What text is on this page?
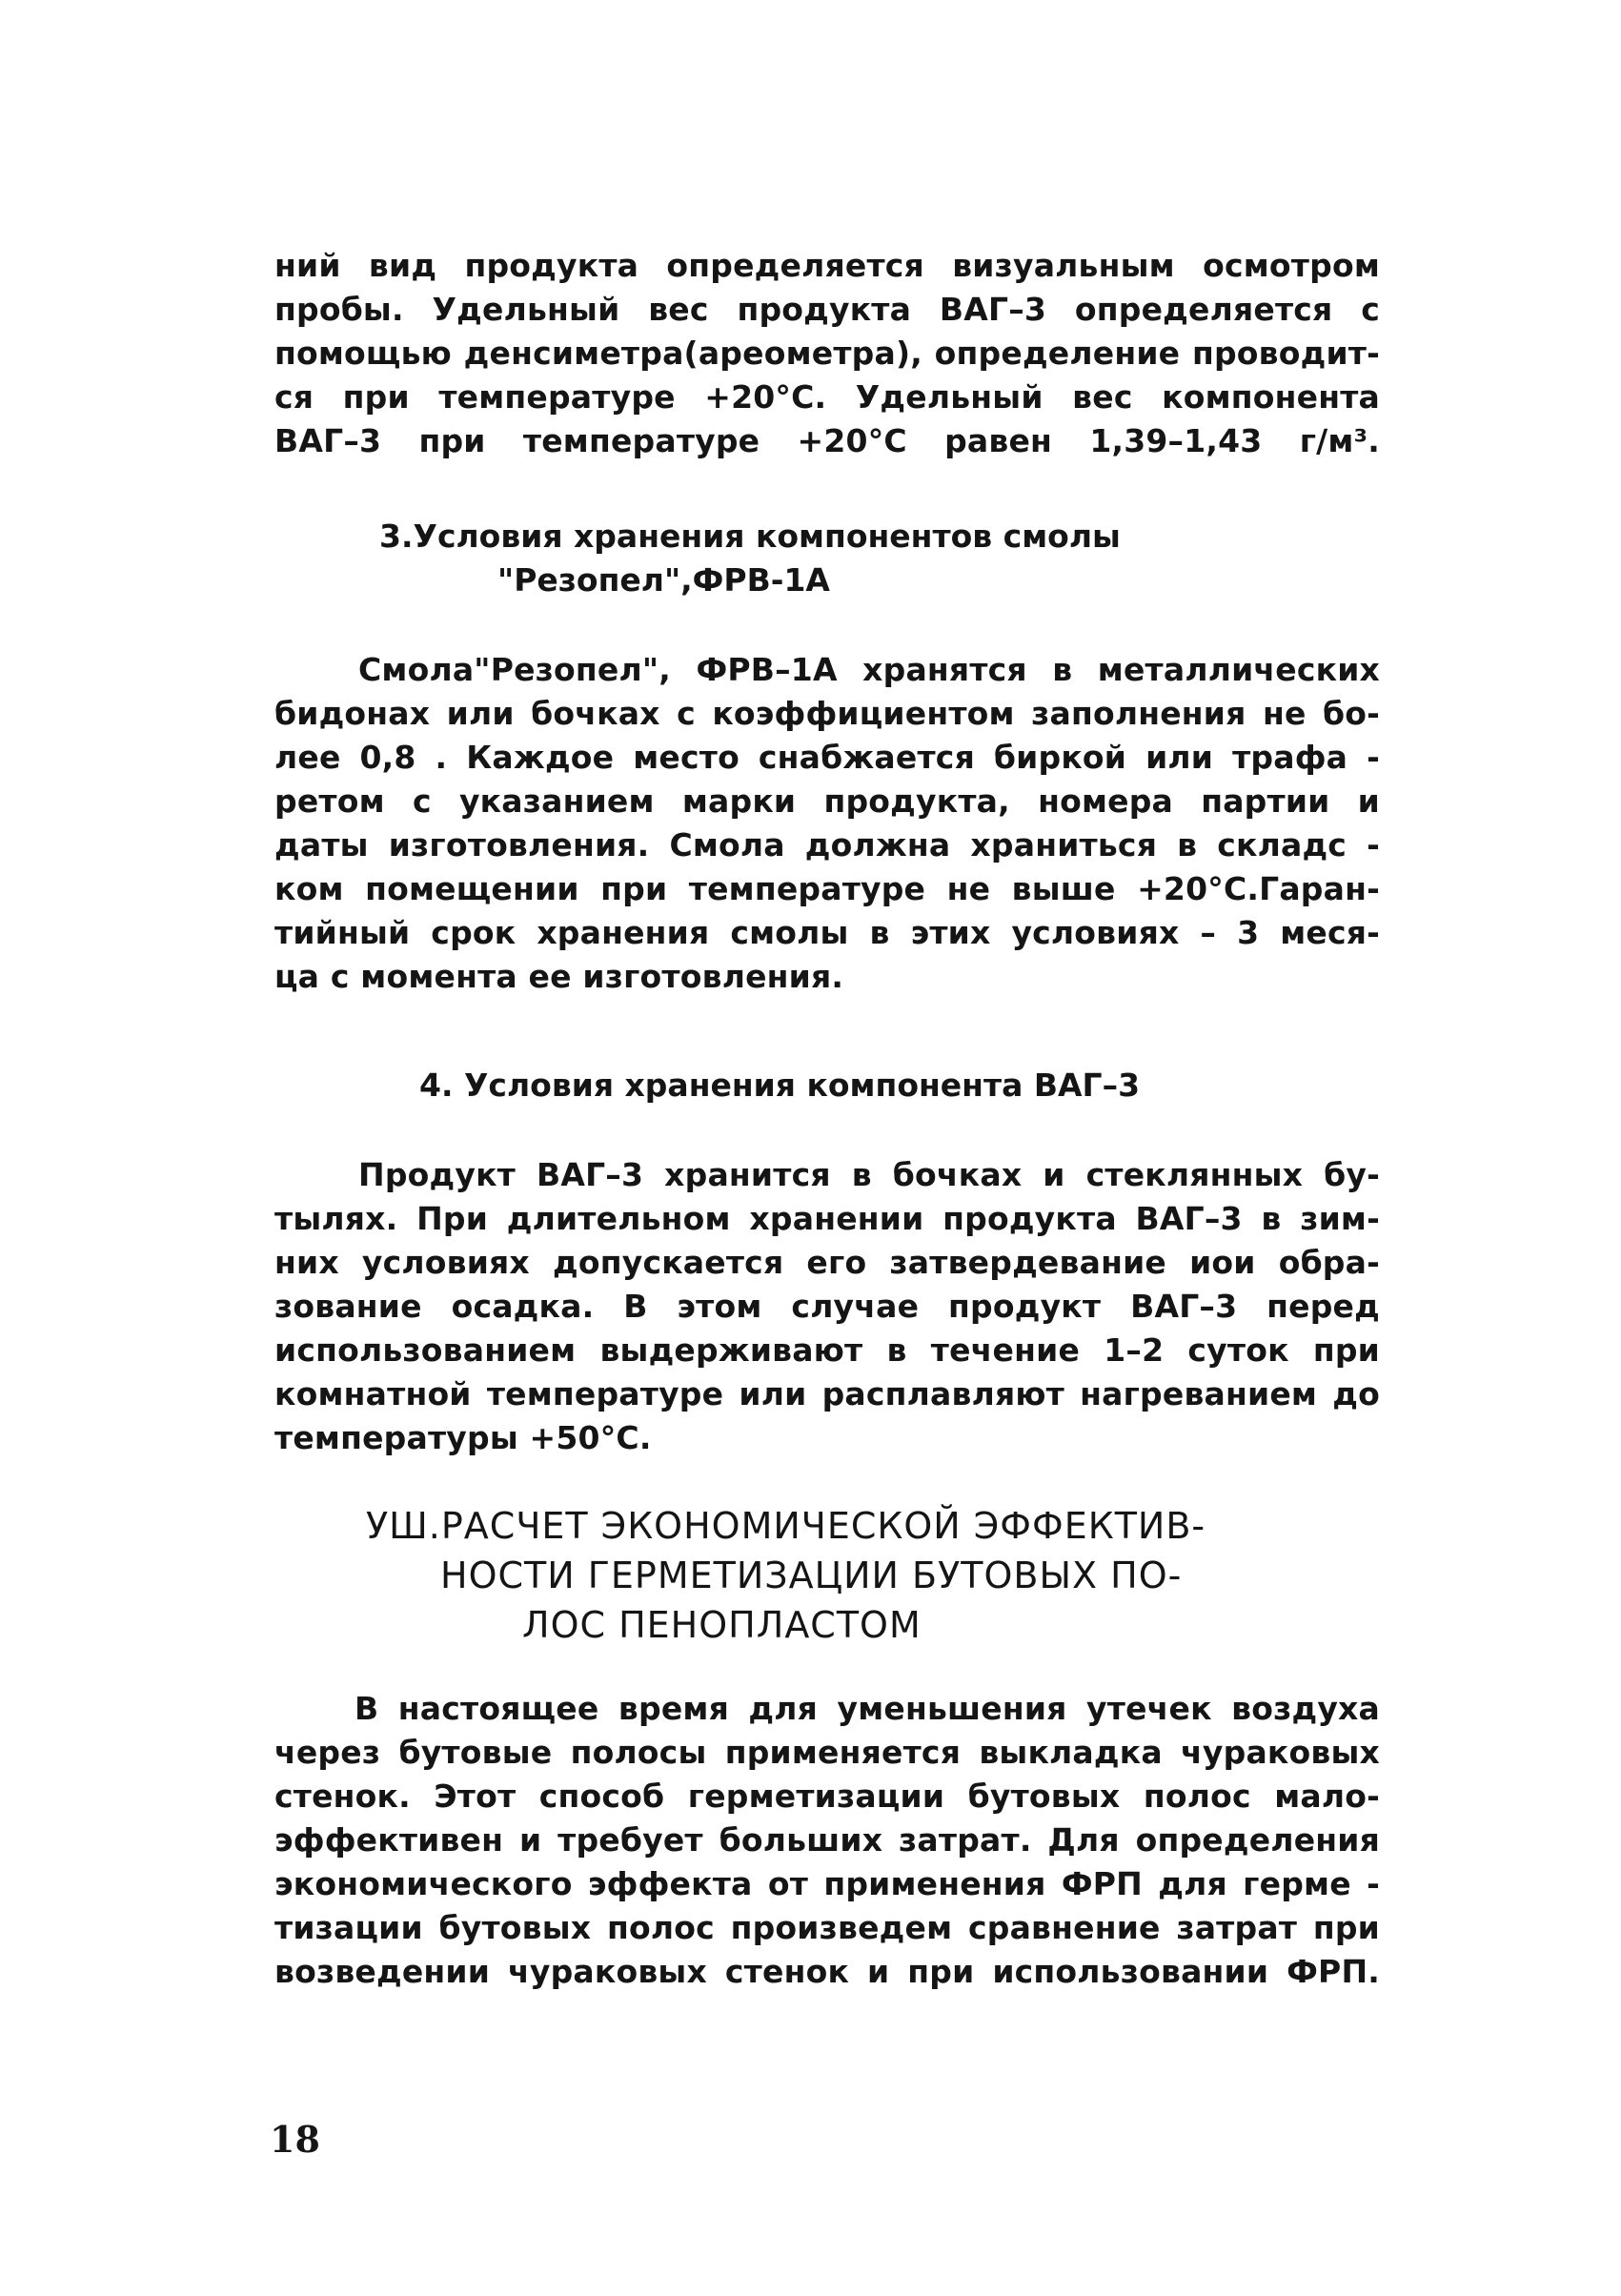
ний вид продукта определяется визуальным осмотром
пробы. Удельный вес продукта ВАГ–3 определяется с
помощью денсиметра(ареометра), определение проводит-
ся при температуре +20°С. Удельный вес компонента
ВАГ–3 при температуре +20°С равен 1,39–1,43 г/м³.
3.Условия хранения компонентов смолы
"Резопел",ФРВ-1А
Смола"Резопел", ФРВ–1А хранятся в металлических
бидонах или бочках с коэффициентом заполнения не бо-
лее 0,8 . Каждое место снабжается биркой или трафа -
ретом с указанием марки продукта, номера партии и
даты изготовления. Смола должна храниться в складс -
ком помещении при температуре не выше +20°С.Гаран-
тийный срок хранения смолы в этих условиях – 3 меся-
ца с момента ее изготовления.
4. Условия хранения компонента ВАГ–3
Продукт ВАГ–3 хранится в бочках и стеклянных бу-
тылях. При длительном хранении продукта ВАГ–3 в зим-
них условиях допускается его затвердевание иои обра-
зование осадка. В этом случае продукт ВАГ–3 перед
использованием выдерживают в течение 1–2 суток при
комнатной температуре или расплавляют нагреванием до
температуры +50°С.
УШ.РАСЧЕТ ЭКОНОМИЧЕСКОЙ ЭФФЕКТИВ-
НОСТИ ГЕРМЕТИЗАЦИИ БУТОВЫХ ПО-
ЛОС ПЕНОПЛАСТОМ
В настоящее время для уменьшения утечек воздуха
через бутовые полосы применяется выкладка чураковых
стенок. Этот способ герметизации бутовых полос мало-
эффективен и требует больших затрат. Для определения
экономического эффекта от применения ФРП для герме -
тизации бутовых полос произведем сравнение затрат при
возведении чураковых стенок и при использовании ФРП.
18
